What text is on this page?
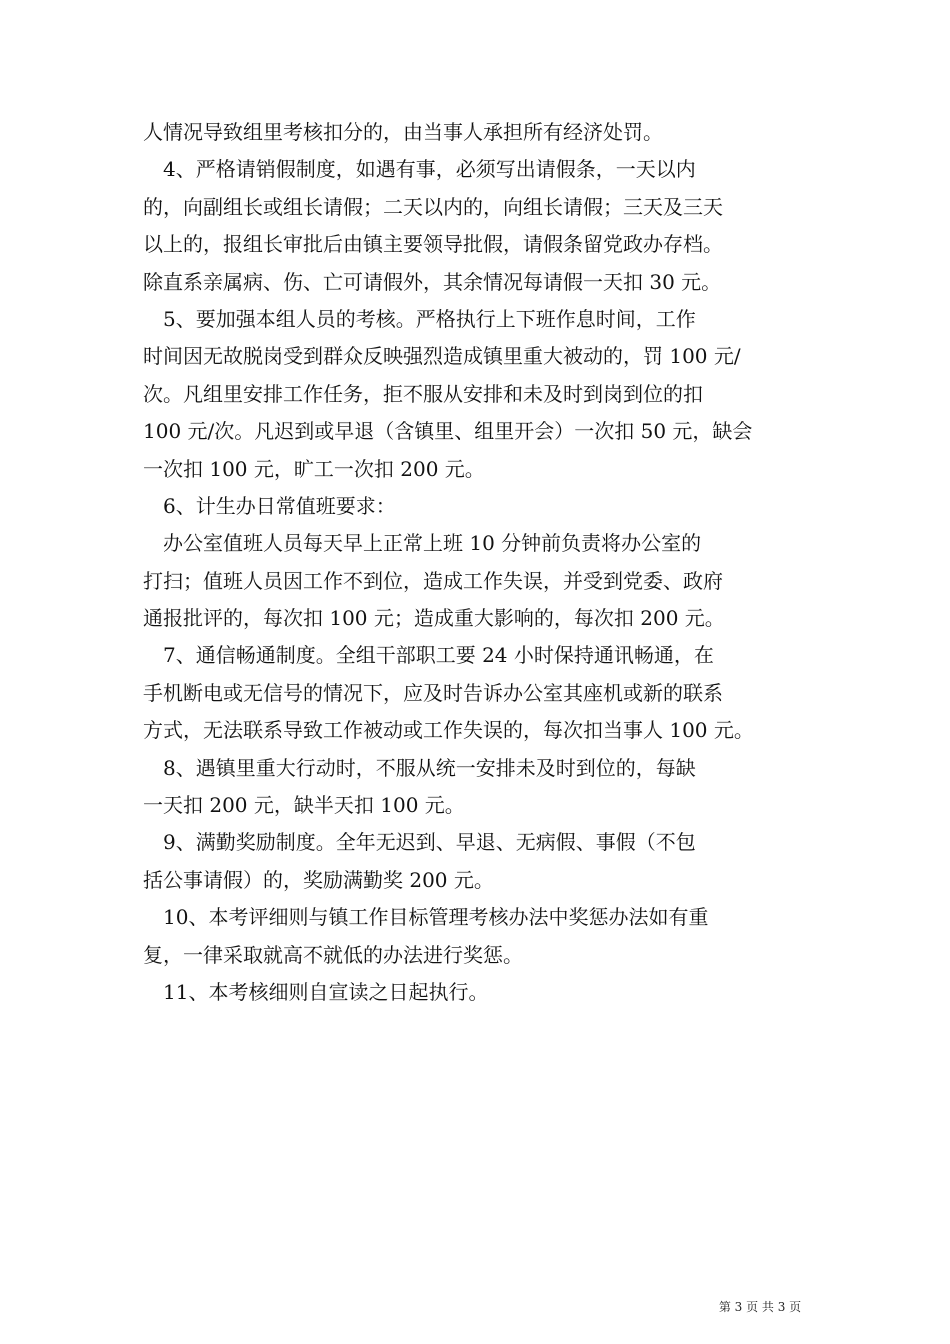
人情况导致组里考核扣分的，由当事人承担所有经济处罚。
　4、严格请销假制度，如遇有事，必须写出请假条，一天以内
的，向副组长或组长请假；二天以内的，向组长请假；三天及三天
以上的，报组长审批后由镇主要领导批假，请假条留党政办存档。
除直系亲属病、伤、亡可请假外，其余情况每请假一天扣 30 元。
　5、要加强本组人员的考核。严格执行上下班作息时间，工作
时间因无故脱岗受到群众反映强烈造成镇里重大被动的，罚 100 元/
次。凡组里安排工作任务，拒不服从安排和未及时到岗到位的扣
100 元/次。凡迟到或早退（含镇里、组里开会）一次扣 50 元，缺会
一次扣 100 元，旷工一次扣 200 元。
　6、计生办日常值班要求：
　办公室值班人员每天早上正常上班 10 分钟前负责将办公室的
打扫；值班人员因工作不到位，造成工作失误，并受到党委、政府
通报批评的，每次扣 100 元；造成重大影响的，每次扣 200 元。
　7、通信畅通制度。全组干部职工要 24 小时保持通讯畅通，在
手机断电或无信号的情况下，应及时告诉办公室其座机或新的联系
方式，无法联系导致工作被动或工作失误的，每次扣当事人 100 元。
　8、遇镇里重大行动时，不服从统一安排未及时到位的，每缺
一天扣 200 元，缺半天扣 100 元。
　9、满勤奖励制度。全年无迟到、早退、无病假、事假（不包
括公事请假）的，奖励满勤奖 200 元。
　10、本考评细则与镇工作目标管理考核办法中奖惩办法如有重
复，一律采取就高不就低的办法进行奖惩。
　11、本考核细则自宣读之日起执行。
第 3 页 共 3 页
